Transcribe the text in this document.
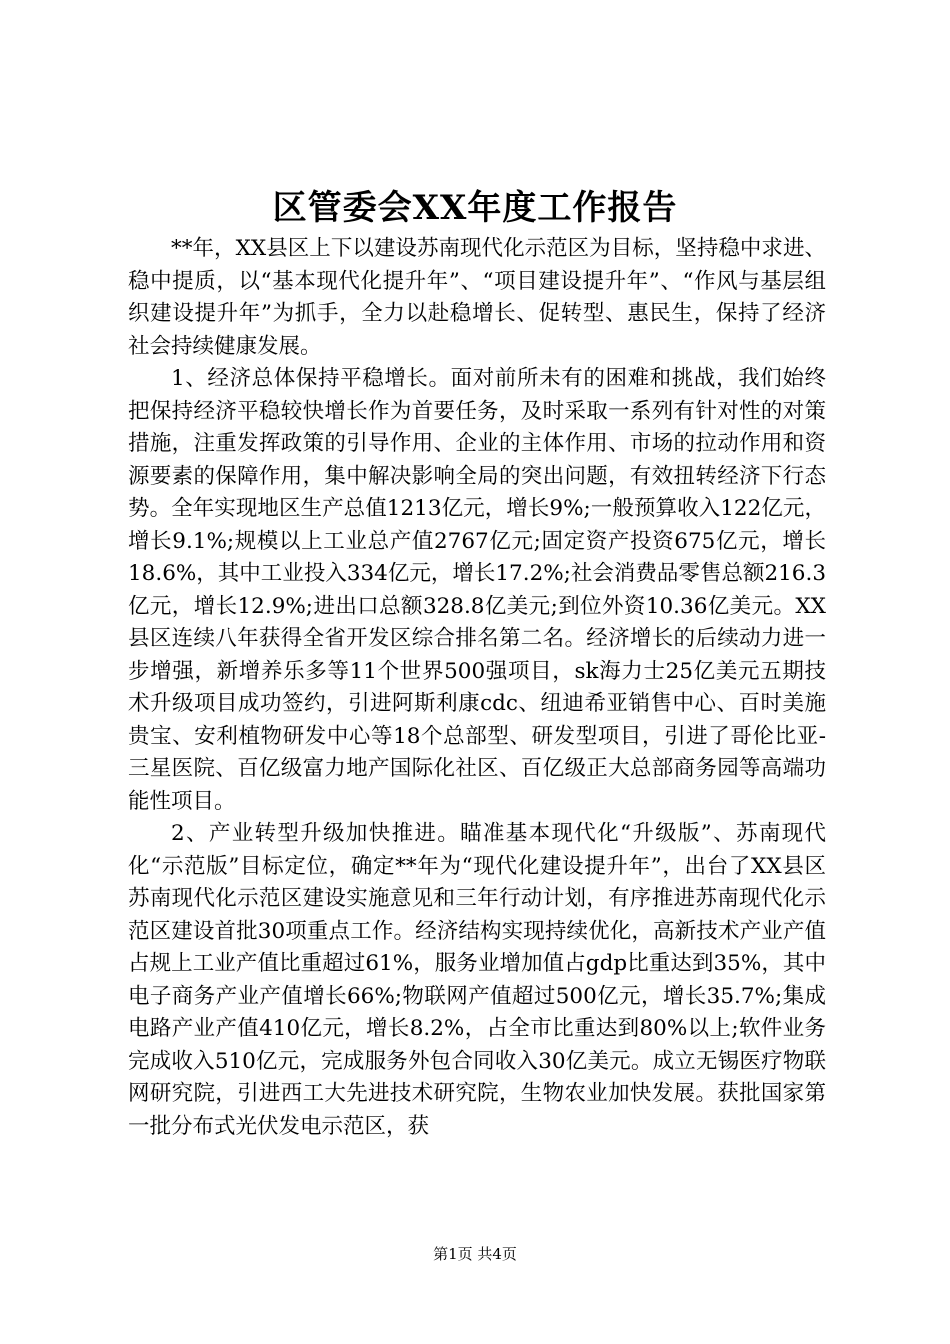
区管委会XX年度工作报告

**年，XX县区上下以建设苏南现代化示范区为目标，坚持稳中求进、稳中提质，以“基本现代化提升年”、“项目建设提升年”、“作风与基层组织建设提升年”为抓手，全力以赴稳增长、促转型、惠民生，保持了经济社会持续健康发展。

1、经济总体保持平稳增长。面对前所未有的困难和挑战，我们始终把保持经济平稳较快增长作为首要任务，及时采取一系列有针对性的对策措施，注重发挥政策的引导作用、企业的主体作用、市场的拉动作用和资源要素的保障作用，集中解决影响全局的突出问题，有效扭转经济下行态势。全年实现地区生产总值1213亿元，增长9%;一般预算收入122亿元，增长9.1%;规模以上工业总产值2767亿元;固定资产投资675亿元，增长18.6%，其中工业投入334亿元，增长17.2%;社会消费品零售总额216.3亿元，增长12.9%;进出口总额328.8亿美元;到位外资10.36亿美元。XX县区连续八年获得全省开发区综合排名第二名。经济增长的后续动力进一步增强，新增养乐多等11个世界500强项目，sk海力士25亿美元五期技术升级项目成功签约，引进阿斯利康cdc、纽迪希亚销售中心、百时美施贵宝、安利植物研发中心等18个总部型、研发型项目，引进了哥伦比亚-三星医院、百亿级富力地产国际化社区、百亿级正大总部商务园等高端功能性项目。

2、产业转型升级加快推进。瞄准基本现代化“升级版”、苏南现代化“示范版”目标定位，确定**年为“现代化建设提升年”，出台了XX县区苏南现代化示范区建设实施意见和三年行动计划，有序推进苏南现代化示范区建设首批30项重点工作。经济结构实现持续优化，高新技术产业产值占规上工业产值比重超过61%，服务业增加值占gdp比重达到35%，其中电子商务产业产值增长66%;物联网产值超过500亿元，增长35.7%;集成电路产业产值410亿元，增长8.2%，占全市比重达到80%以上;软件业务完成收入510亿元，完成服务外包合同收入30亿美元。成立无锡医疗物联网研究院，引进西工大先进技术研究院，生物农业加快发展。获批国家第一批分布式光伏发电示范区，获

第1页 共4页
